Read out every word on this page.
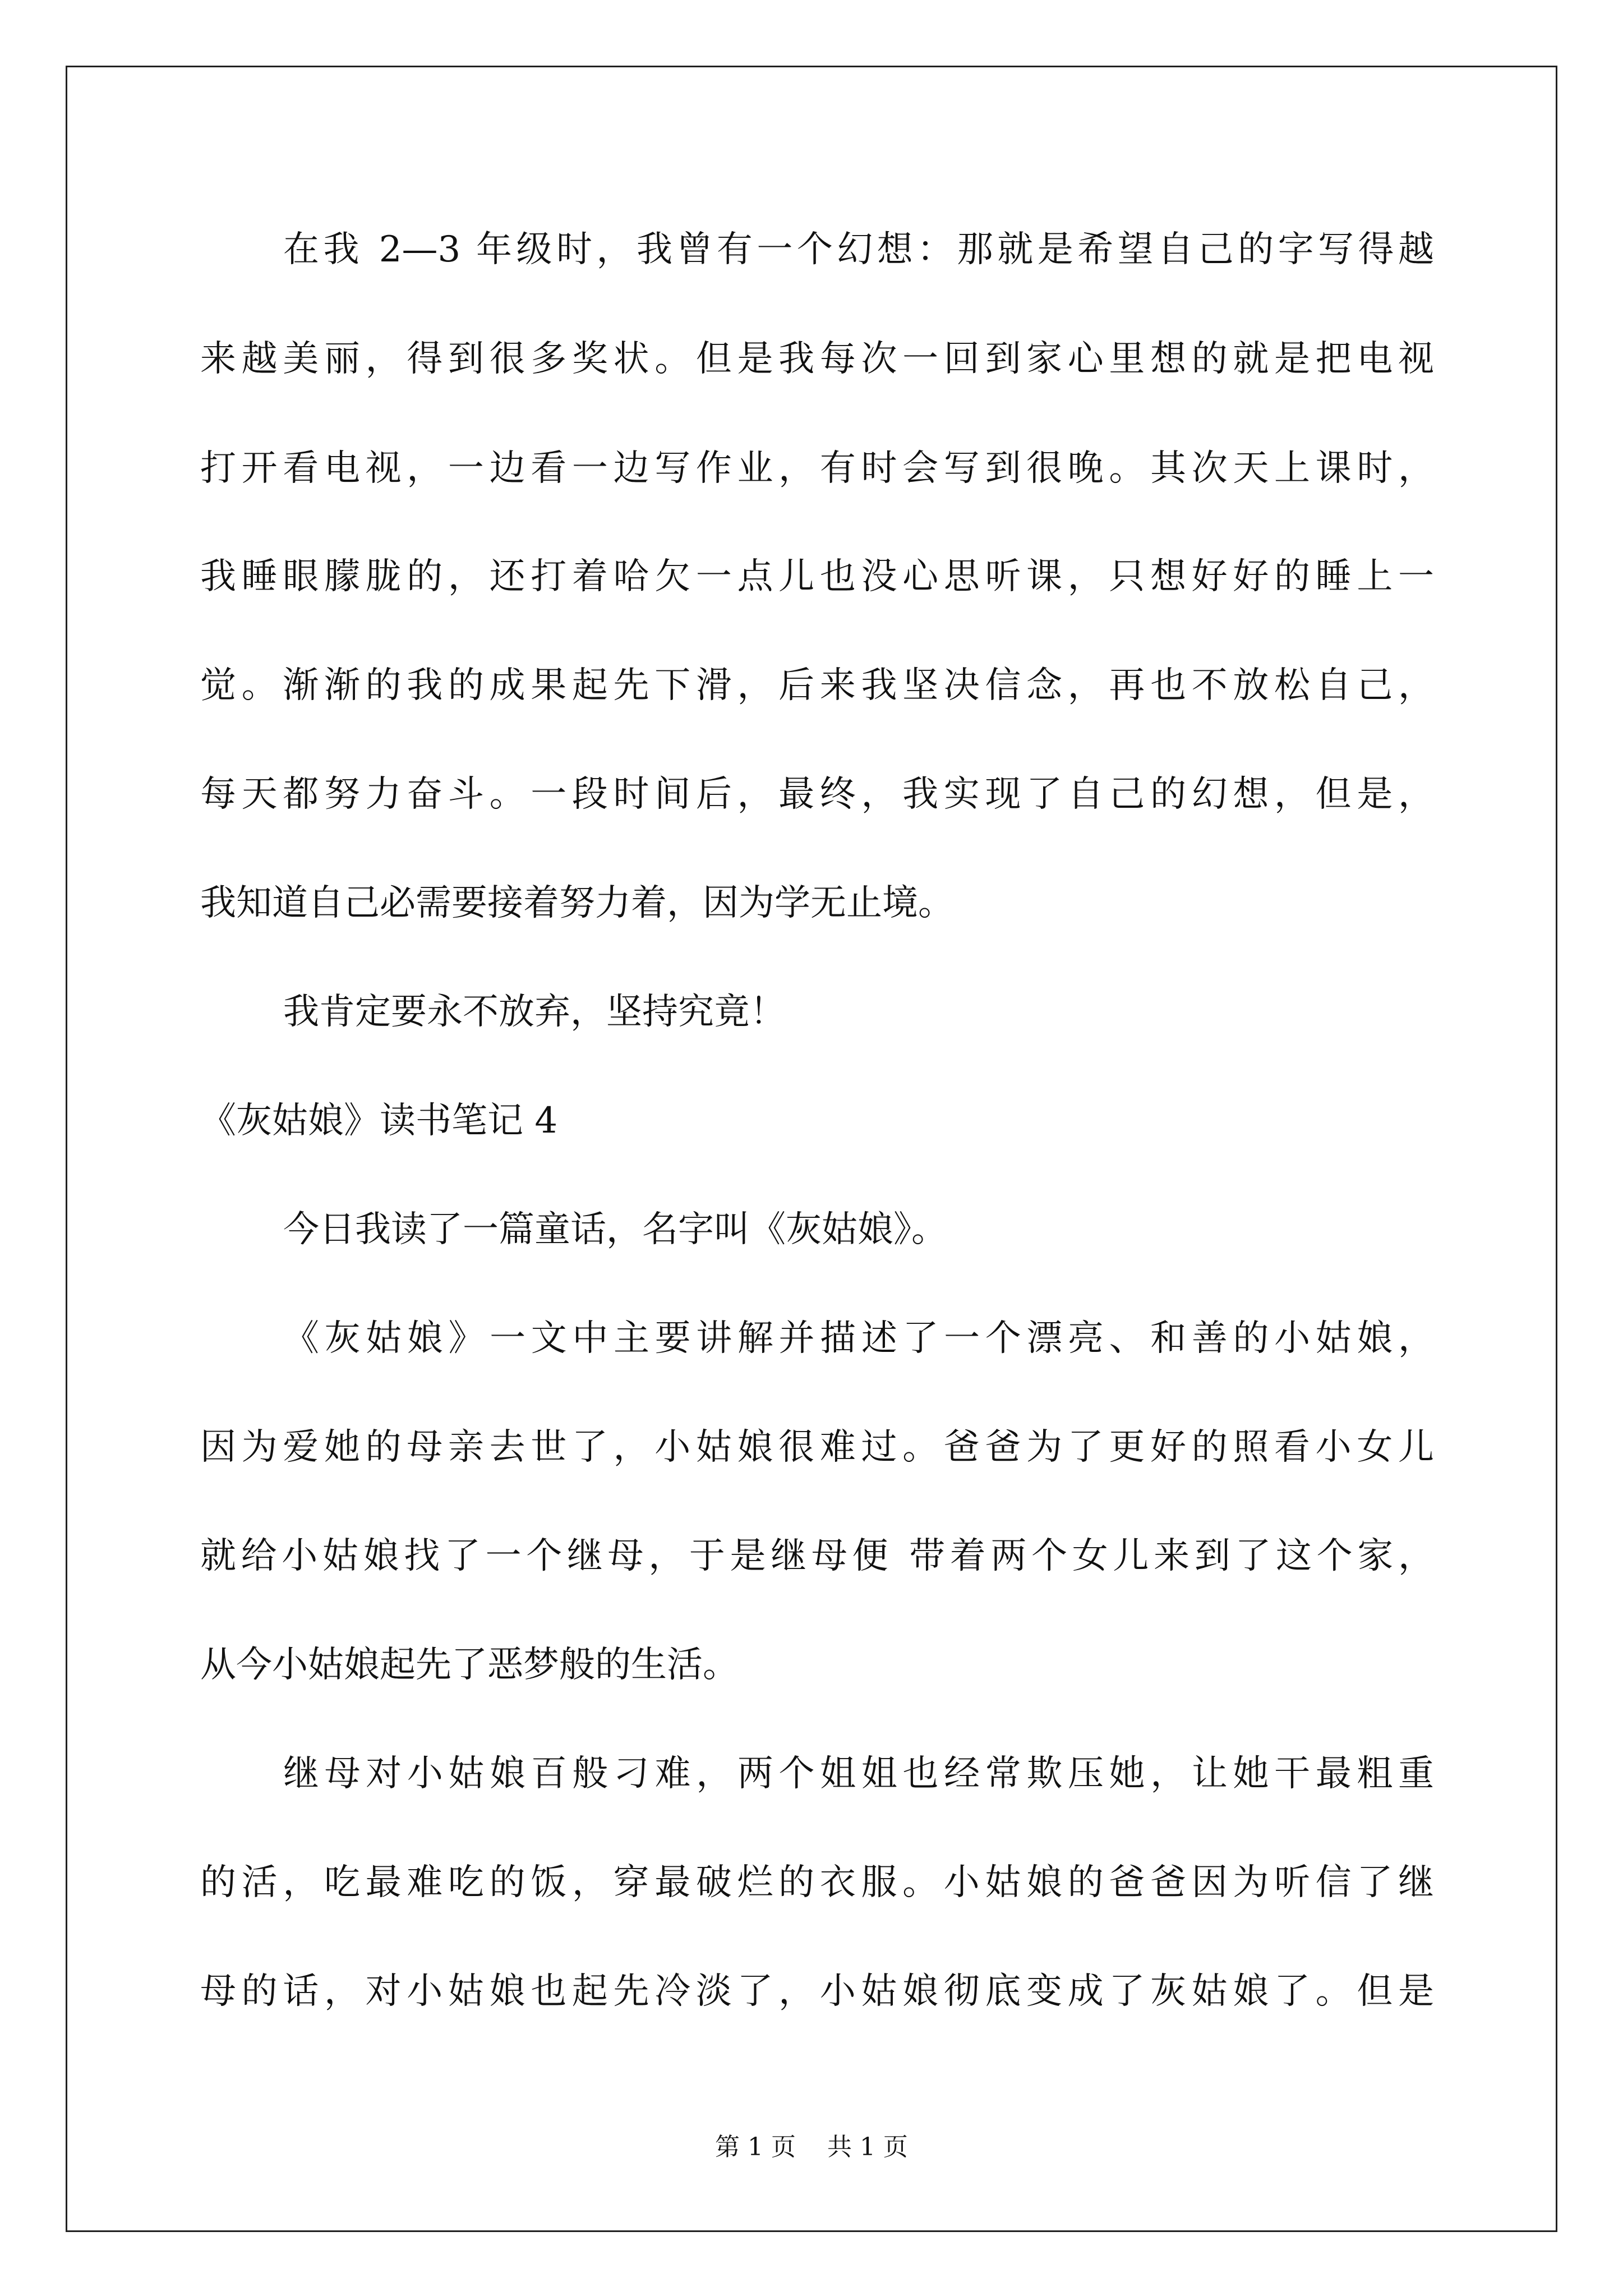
在我 2—3 年级时，我曾有一个幻想：那就是希望自己的字写得越
来越美丽，得到很多奖状。但是我每次一回到家心里想的就是把电视
打开看电视，一边看一边写作业，有时会写到很晚。其次天上课时，
我睡眼朦胧的，还打着哈欠一点儿也没心思听课，只想好好的睡上一
觉。渐渐的我的成果起先下滑，后来我坚决信念，再也不放松自己，
每天都努力奋斗。一段时间后，最终，我实现了自己的幻想，但是，
我知道自己必需要接着努力着，因为学无止境。
我肯定要永不放弃，坚持究竟！
《灰姑娘》读书笔记 4
今日我读了一篇童话，名字叫《灰姑娘》。
《灰姑娘》一文中主要讲解并描述了一个漂亮、和善的小姑娘，
因为爱她的母亲去世了，小姑娘很难过。爸爸为了更好的照看小女儿
就给小姑娘找了一个继母，于是继母便 带着两个女儿来到了这个家，
从今小姑娘起先了恶梦般的生活。
继母对小姑娘百般刁难，两个姐姐也经常欺压她，让她干最粗重
的活，吃最难吃的饭，穿最破烂的衣服。小姑娘的爸爸因为听信了继
母的话，对小姑娘也起先冷淡了，小姑娘彻底变成了灰姑娘了。但是
第 1 页    共 1 页
